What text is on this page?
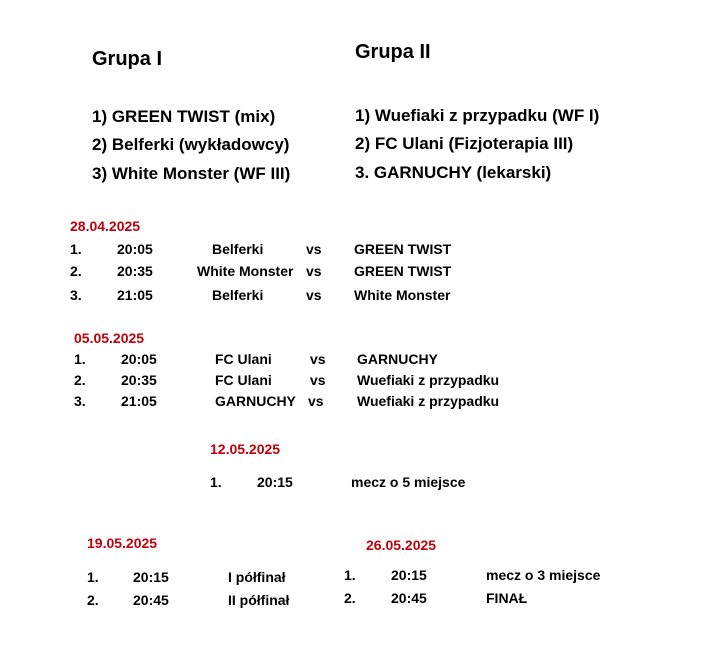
Grupa I	Grupa II
1) GREEN TWIST (mix)
2) Belferki (wykładowcy)
3) White Monster (WF III)
1) Wuefiaki z przypadku (WF I)
2) FC Ulani (Fizjoterapia III)
3. GARNUCHY (lekarski)
28.04.2025
1.	20:05	Belferki	vs GREEN TWIST
2.	20:35	White Monster vs GREEN TWIST
3.	21:05	Belferki	vs White Monster
05.05.2025
1.	20:05	FC Ulani	vs GARNUCHY
2.	20:35	FC Ulani	vs Wuefiaki z przypadku
3.	21:05	GARNUCHY vs Wuefiaki z przypadku
12.05.2025
1.	20:15	mecz o 5 miejsce
19.05.2025
1. 20:15	I półfinał
2. 20:45	II półfinał
26.05.2025
1.	20:15	mecz o 3 miejsce
2.	20:45	FINAŁ
